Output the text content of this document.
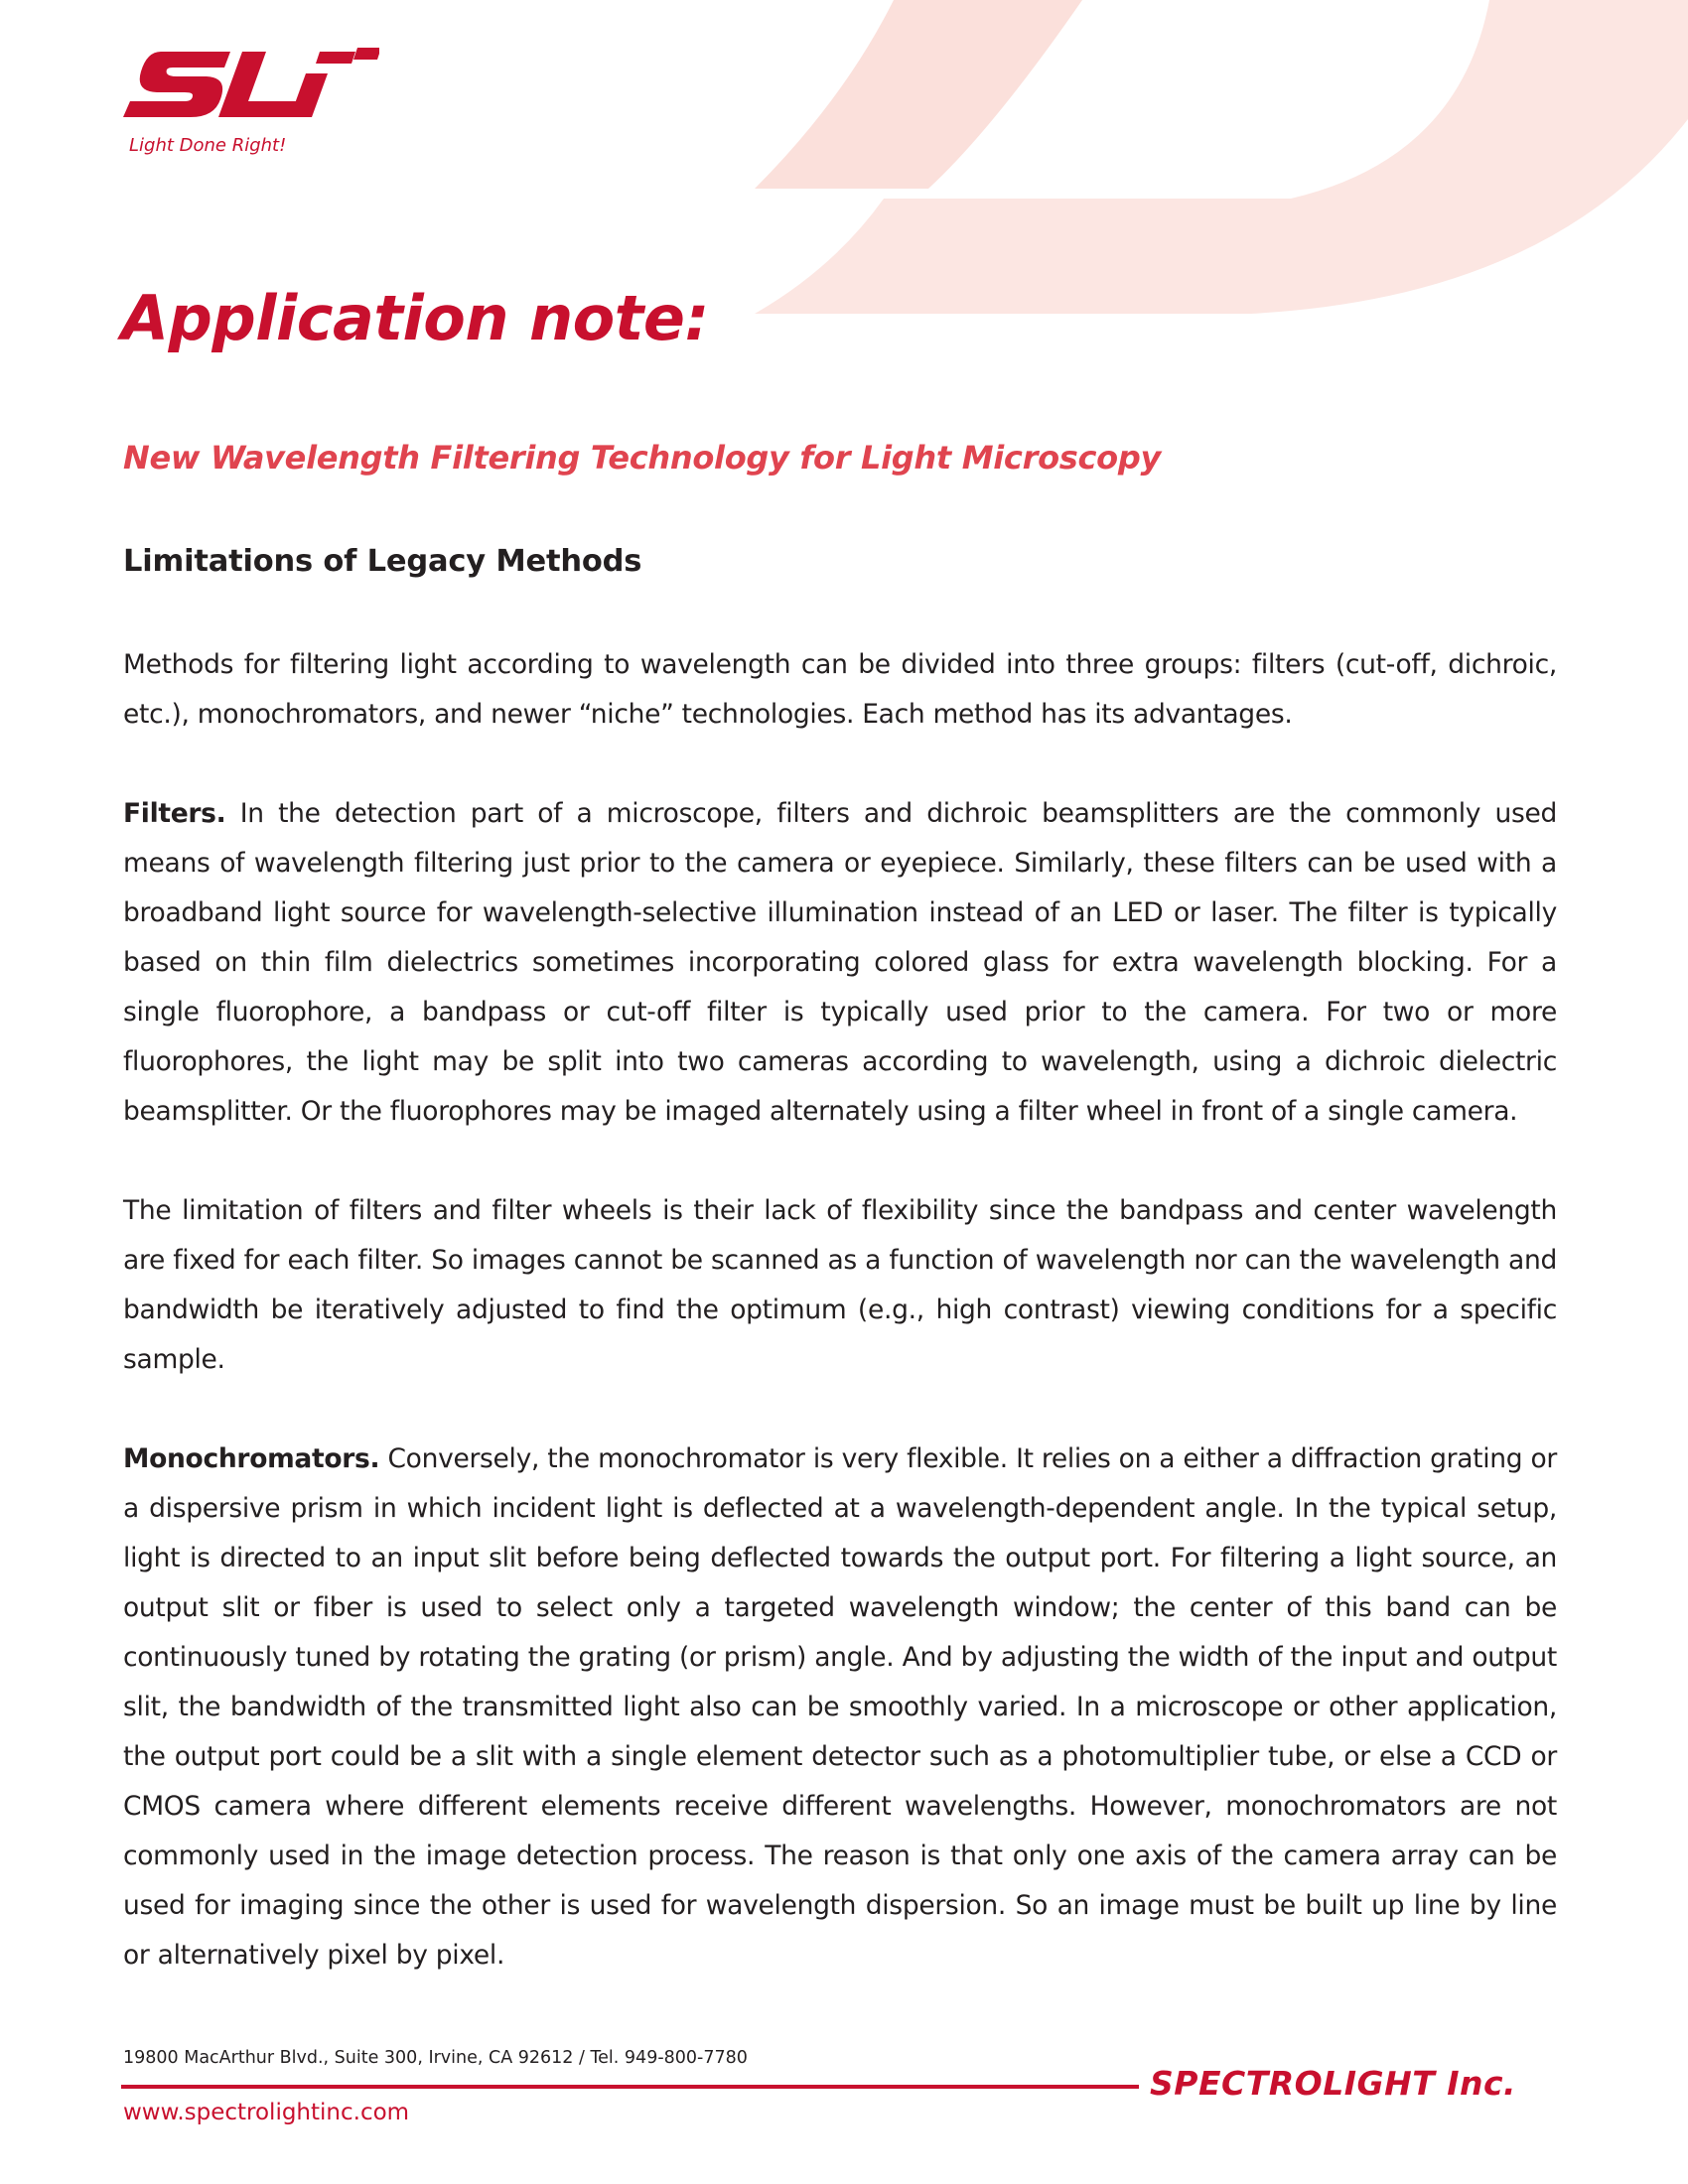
Light Done Right!
Application note:
New Wavelength Filtering Technology for Light Microscopy
Limitations of Legacy Methods

Methods for filtering light according to wavelength can be divided into three groups: filters (cut-off, dichroic, etc.), monochromators, and newer “niche” technologies. Each method has its advantages.

Filters. In the detection part of a microscope, filters and dichroic beamsplitters are the commonly used means of wavelength filtering just prior to the camera or eyepiece. Similarly, these filters can be used with a broadband light source for wavelength-selective illumination instead of an LED or laser. The filter is typically based on thin film dielectrics sometimes incorporating colored glass for extra wavelength blocking. For a single fluorophore, a bandpass or cut-off filter is typically used prior to the camera. For two or more fluorophores, the light may be split into two cameras according to wavelength, using a dichroic dielectric beamsplitter. Or the fluorophores may be imaged alternately using a filter wheel in front of a single camera.

The limitation of filters and filter wheels is their lack of flexibility since the bandpass and center wavelength are fixed for each filter. So images cannot be scanned as a function of wavelength nor can the wavelength and bandwidth be iteratively adjusted to find the optimum (e.g., high contrast) viewing conditions for a specific sample.

Monochromators. Conversely, the monochromator is very flexible. It relies on a either a diffraction grating or a dispersive prism in which incident light is deflected at a wavelength-dependent angle. In the typical setup, light is directed to an input slit before being deflected towards the output port. For filtering a light source, an output slit or fiber is used to select only a targeted wavelength window; the center of this band can be continuously tuned by rotating the grating (or prism) angle. And by adjusting the width of the input and output slit, the bandwidth of the transmitted light also can be smoothly varied. In a microscope or other application, the output port could be a slit with a single element detector such as a photomultiplier tube, or else a CCD or CMOS camera where different elements receive different wavelengths. However, monochromators are not commonly used in the image detection process. The reason is that only one axis of the camera array can be used for imaging since the other is used for wavelength dispersion. So an image must be built up line by line or alternatively pixel by pixel.

19800 MacArthur Blvd., Suite 300, Irvine, CA 92612 / Tel. 949-800-7780
www.spectrolightinc.com
SPECTROLIGHT Inc.
